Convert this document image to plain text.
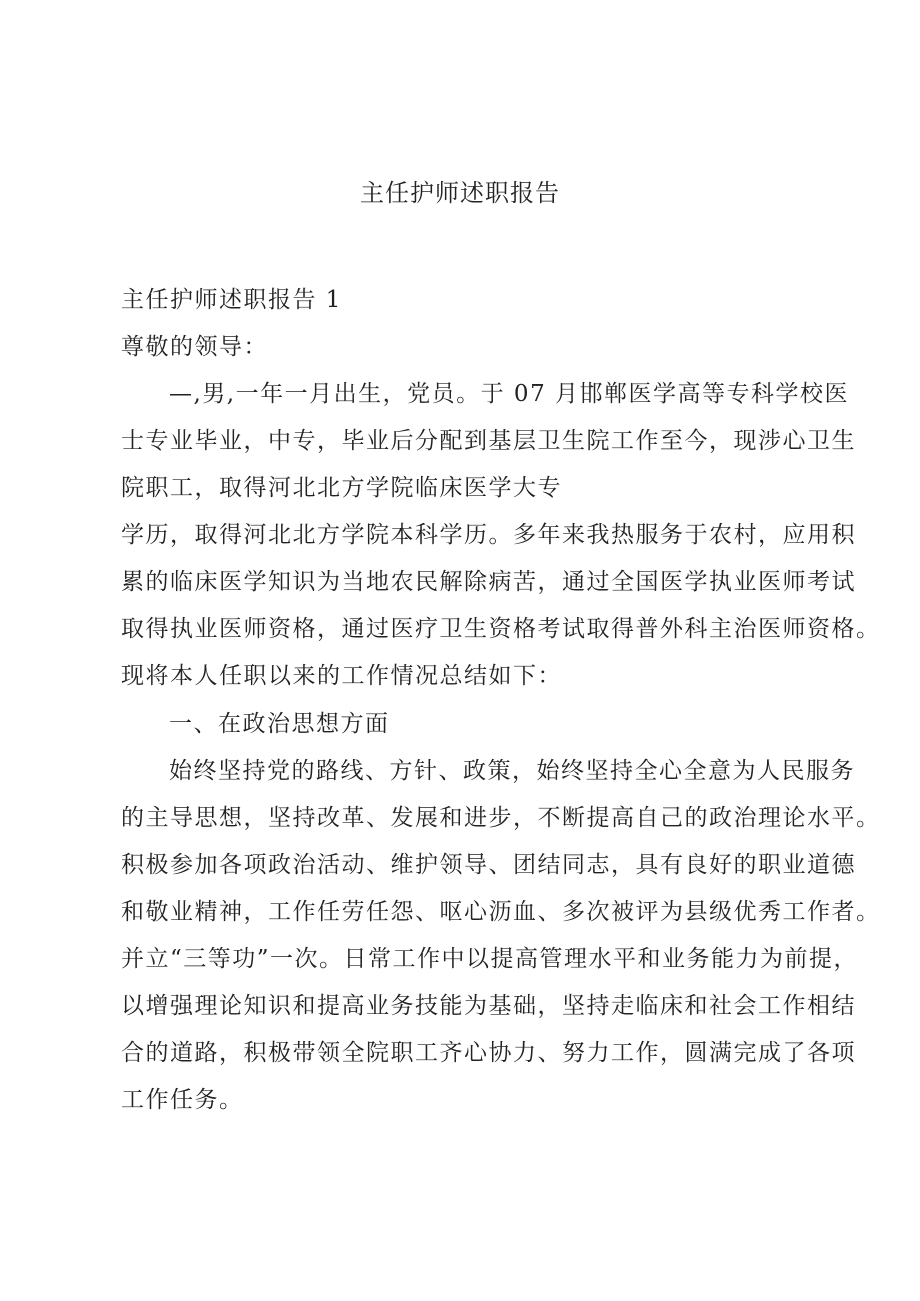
主任护师述职报告
主任护师述职报告 1
尊敬的领导：
—,男,一年一月出生，党员。于 07 月邯郸医学高等专科学校医
士专业毕业，中专，毕业后分配到基层卫生院工作至今，现涉心卫生
院职工，取得河北北方学院临床医学大专
学历，取得河北北方学院本科学历。多年来我热服务于农村，应用积
累的临床医学知识为当地农民解除病苦，通过全国医学执业医师考试
取得执业医师资格，通过医疗卫生资格考试取得普外科主治医师资格。
现将本人任职以来的工作情况总结如下：
一、在政治思想方面
始终坚持党的路线、方针、政策，始终坚持全心全意为人民服务
的主导思想，坚持改革、发展和进步，不断提高自己的政治理论水平。
积极参加各项政治活动、维护领导、团结同志，具有良好的职业道德
和敬业精神，工作任劳任怨、呕心沥血、多次被评为县级优秀工作者。
并立“三等功”一次。日常工作中以提高管理水平和业务能力为前提，
以增强理论知识和提高业务技能为基础，坚持走临床和社会工作相结
合的道路，积极带领全院职工齐心协力、努力工作，圆满完成了各项
工作任务。
